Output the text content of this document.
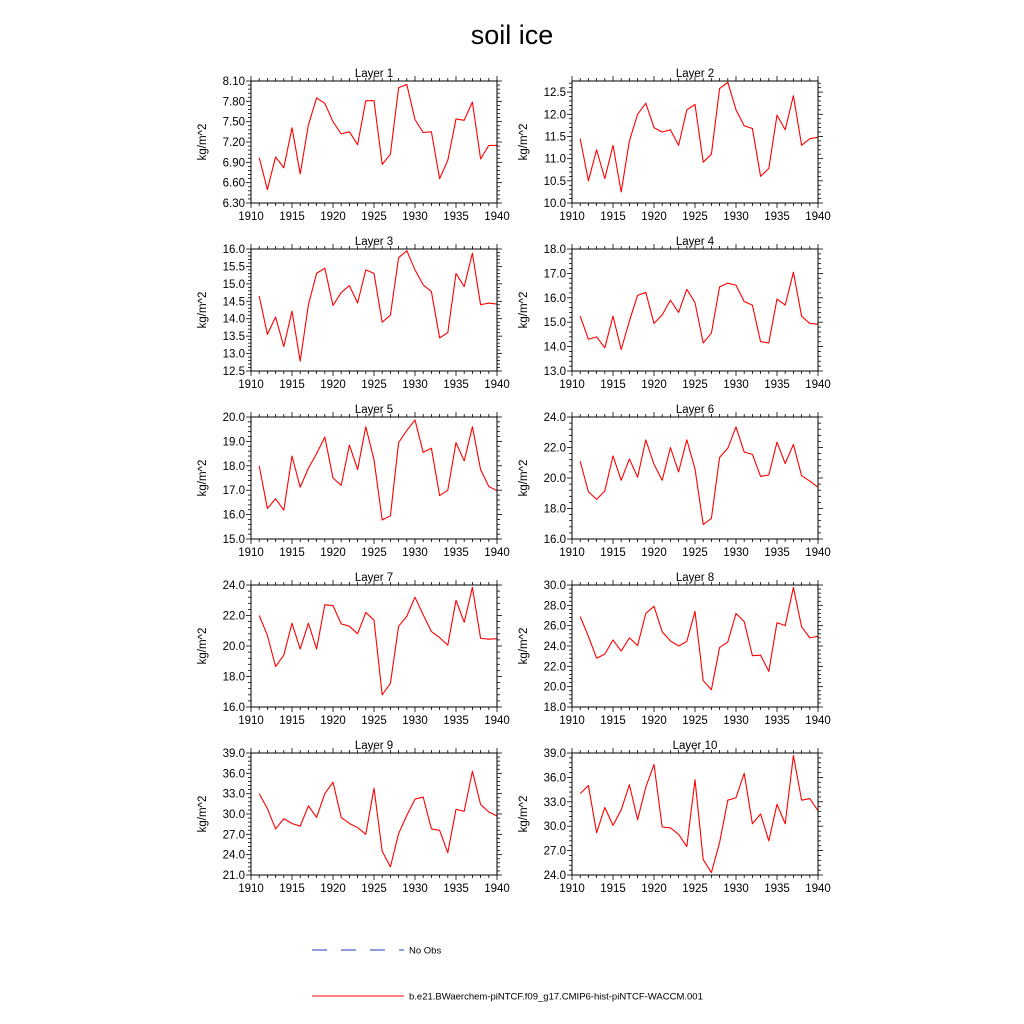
soil ice
Layer 1
kg/m^2
1910 1915 1920 1925 1930 1935 1940
6.30
6.60
6.90
7.20
7.50
7.80
8.10
Layer 2
kg/m^2
1910 1915 1920 1925 1930 1935 1940
10.0
10.5
11.0
11.5
12.0
12.5
Layer 3
kg/m^2
1910 1915 1920 1925 1930 1935 1940
12.5
13.0
13.5
14.0
14.5
15.0
15.5
16.0
Layer 4
kg/m^2
1910 1915 1920 1925 1930 1935 1940
13.0
14.0
15.0
16.0
17.0
18.0
Layer 5
kg/m^2
1910 1915 1920 1925 1930 1935 1940
15.0
16.0
17.0
18.0
19.0
20.0
Layer 6
kg/m^2
1910 1915 1920 1925 1930 1935 1940
16.0
18.0
20.0
22.0
24.0
Layer 7
kg/m^2
1910 1915 1920 1925 1930 1935 1940
16.0
18.0
20.0
22.0
24.0
Layer 8
kg/m^2
1910 1915 1920 1925 1930 1935 1940
18.0
20.0
22.0
24.0
26.0
28.0
30.0
Layer 9
kg/m^2
1910 1915 1920 1925 1930 1935 1940
21.0
24.0
27.0
30.0
33.0
36.0
39.0
Layer 10
kg/m^2
1910 1915 1920 1925 1930 1935 1940
24.0
27.0
30.0
33.0
36.0
39.0
No Obs
b.e21.BWaerchem-piNTCF.f09_g17.CMIP6-hist-piNTCF-WACCM.001
